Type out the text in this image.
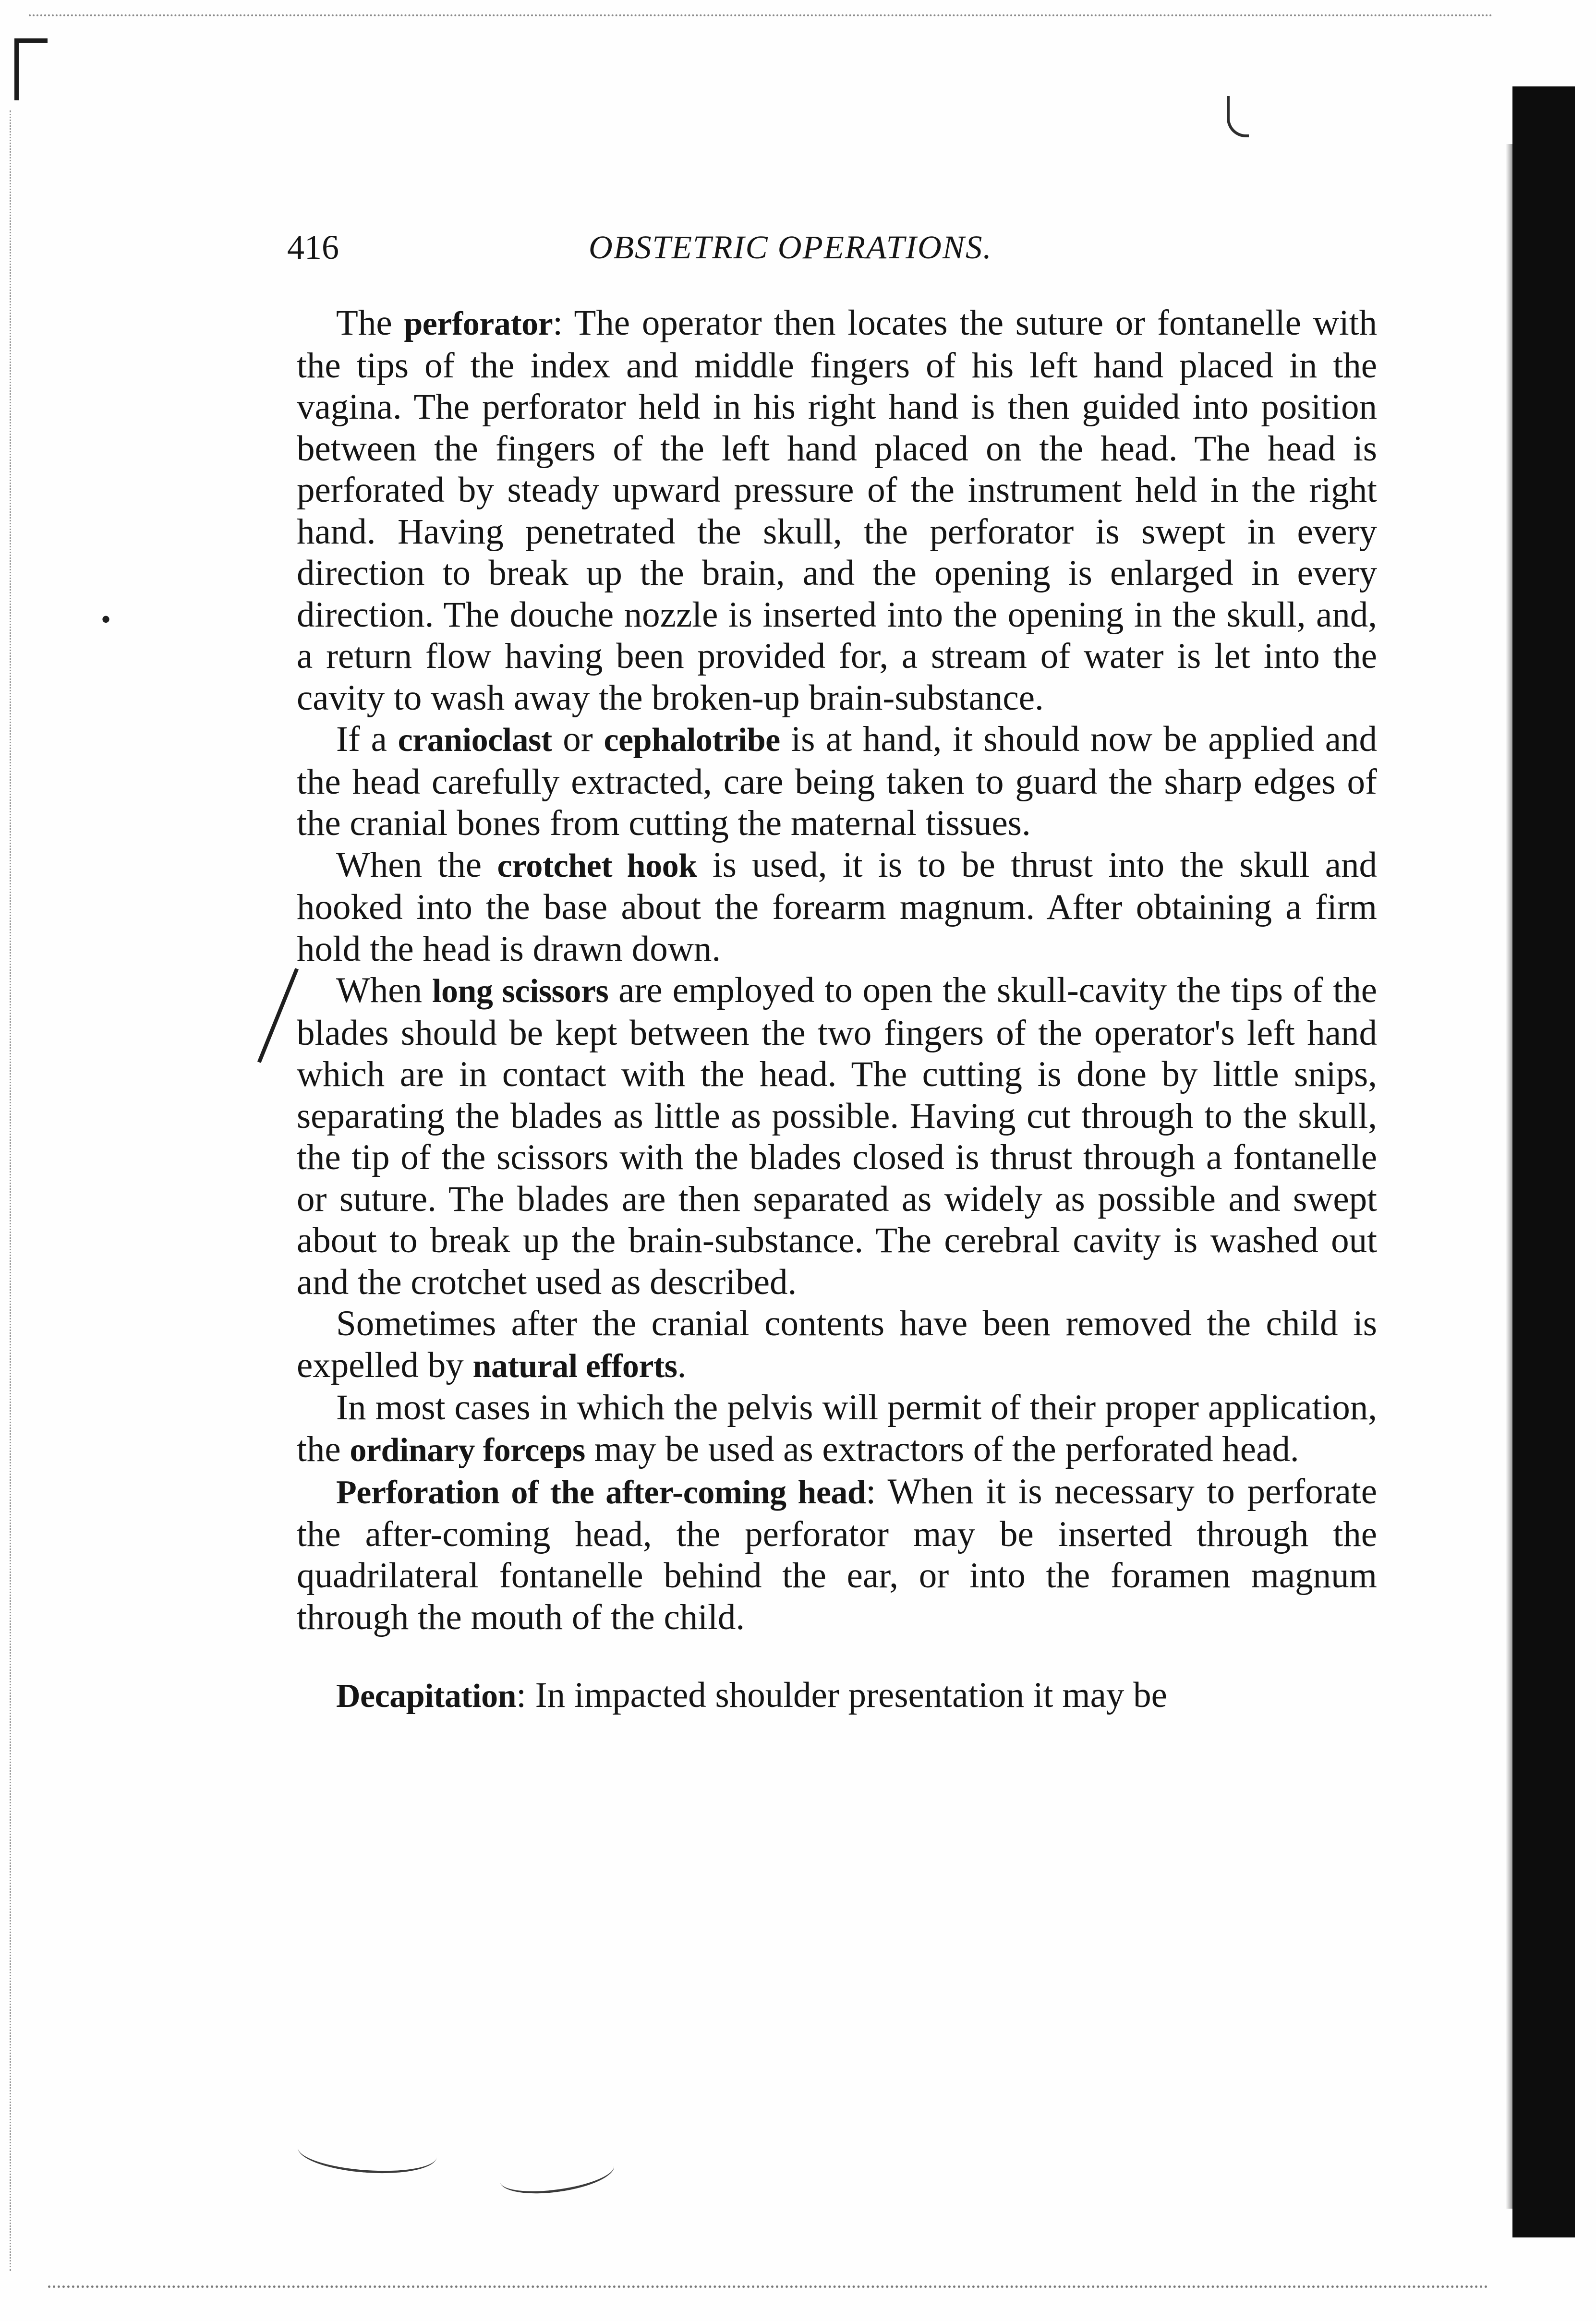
•
416	OBSTETRIC OPERATIONS.

The perforator: The operator then locates the suture or fontanelle with the tips of the index and middle fingers of his left hand placed in the vagina. The perforator held in his right hand is then guided into position between the fingers of the left hand placed on the head. The head is perforated by steady upward pressure of the instrument held in the right hand. Having penetrated the skull, the perforator is swept in every direction to break up the brain, and the opening is enlarged in every direction. The douche nozzle is inserted into the opening in the skull, and, a return flow having been provided for, a stream of water is let into the cavity to wash away the broken-up brain-substance.

If a cranioclast or cephalotribe is at hand, it should now be applied and the head carefully extracted, care being taken to guard the sharp edges of the cranial bones from cutting the maternal tissues.

When the crotchet hook is used, it is to be thrust into the skull and hooked into the base about the forearm magnum. After obtaining a firm hold the head is drawn down.

When long scissors are employed to open the skull-cavity the tips of the blades should be kept between the two fingers of the operator's left hand which are in contact with the head. The cutting is done by little snips, separating the blades as little as possible. Having cut through to the skull, the tip of the scissors with the blades closed is thrust through a fontanelle or suture. The blades are then separated as widely as possible and swept about to break up the brain-substance. The cerebral cavity is washed out and the crotchet used as described.

Sometimes after the cranial contents have been removed the child is expelled by natural efforts.

In most cases in which the pelvis will permit of their proper application, the ordinary forceps may be used as extractors of the perforated head.

Perforation of the after-coming head: When it is necessary to perforate the after-coming head, the perforator may be inserted through the quadrilateral fontanelle behind the ear, or into the foramen magnum through the mouth of the child.

Decapitation: In impacted shoulder presentation it may be
